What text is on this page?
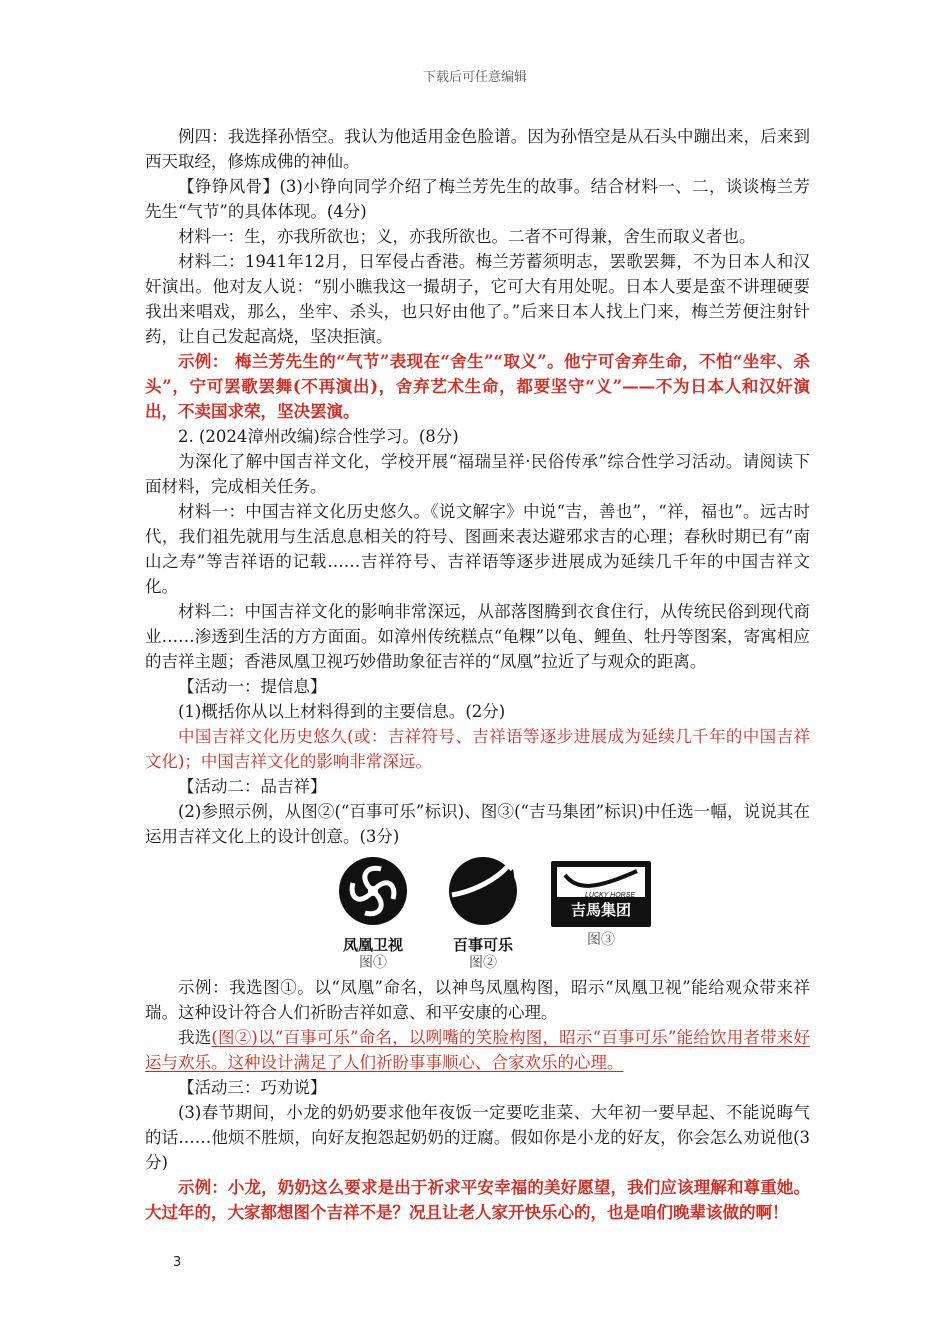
下载后可任意编辑

例四：我选择孙悟空。我认为他适用金色脸谱。因为孙悟空是从石头中蹦出来，后来到西天取经，修炼成佛的神仙。

【铮铮风骨】(3)小铮向同学介绍了梅兰芳先生的故事。结合材料一、二，谈谈梅兰芳先生“气节”的具体体现。(4分)

材料一：生，亦我所欲也；义，亦我所欲也。二者不可得兼，舍生而取义者也。

材料二：1941年12月，日军侵占香港。梅兰芳蓄须明志，罢歌罢舞，不为日本人和汉奸演出。他对友人说：“别小瞧我这一撮胡子，它可大有用处呢。日本人要是蛮不讲理硬要我出来唱戏，那么，坐牢、杀头，也只好由他了。”后来日本人找上门来，梅兰芳便注射针药，让自己发起高烧，坚决拒演。

示例： 梅兰芳先生的“气节”表现在“舍生”“取义”。他宁可舍弃生命，不怕“坐牢、杀头”，宁可罢歌罢舞(不再演出)，舍弃艺术生命，都要坚守“义”——不为日本人和汉奸演出，不卖国求荣，坚决罢演。

2. (2024漳州改编)综合性学习。(8分)

为深化了解中国吉祥文化，学校开展“福瑞呈祥·民俗传承”综合性学习活动。请阅读下面材料，完成相关任务。

材料一：中国吉祥文化历史悠久。《说文解字》中说“吉，善也”，“祥，福也”。远古时代，我们祖先就用与生活息息相关的符号、图画来表达避邪求吉的心理；春秋时期已有“南山之寿”等吉祥语的记载……吉祥符号、吉祥语等逐步进展成为延续几千年的中国吉祥文化。

材料二：中国吉祥文化的影响非常深远，从部落图腾到衣食住行，从传统民俗到现代商业……渗透到生活的方方面面。如漳州传统糕点“龟粿”以龟、鲤鱼、牡丹等图案，寄寓相应的吉祥主题；香港凤凰卫视巧妙借助象征吉祥的“凤凰”拉近了与观众的距离。

【活动一：提信息】

(1)概括你从以上材料得到的主要信息。(2分)

中国吉祥文化历史悠久(或：吉祥符号、吉祥语等逐步进展成为延续几千年的中国吉祥文化)；中国吉祥文化的影响非常深远。

【活动二：品吉祥】

(2)参照示例，从图②(“百事可乐”标识)、图③(“吉马集团”标识)中任选一幅，说说其在运用吉祥文化上的设计创意。(3分)

凤凰卫视
图①
百事可乐
图②
LUCKY HORSE
吉馬集团
图③

示例：我选图①。以“凤凰”命名，以神鸟凤凰构图，昭示“凤凰卫视”能给观众带来祥瑞。这种设计符合人们祈盼吉祥如意、和平安康的心理。

我选(图②)以“百事可乐”命名，以咧嘴的笑脸构图，昭示“百事可乐”能给饮用者带来好运与欢乐。这种设计满足了人们祈盼事事顺心、合家欢乐的心理。

【活动三：巧劝说】

(3)春节期间，小龙的奶奶要求他年夜饭一定要吃韭菜、大年初一要早起、不能说晦气的话……他烦不胜烦，向好友抱怨起奶奶的迂腐。假如你是小龙的好友，你会怎么劝说他(3分)

示例：小龙，奶奶这么要求是出于祈求平安幸福的美好愿望，我们应该理解和尊重她。大过年的，大家都想图个吉祥不是？况且让老人家开快乐心的，也是咱们晚辈该做的啊！

3
